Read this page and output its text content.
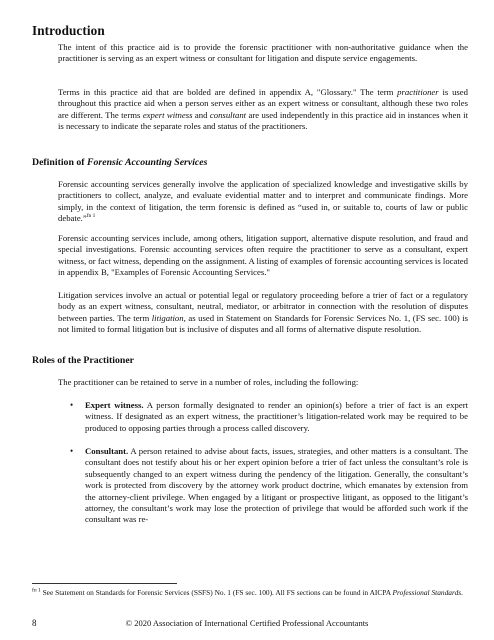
Introduction

The intent of this practice aid is to provide the forensic practitioner with non-authoritative guidance when the practitioner is serving as an expert witness or consultant for litigation and dispute service engagements.

Terms in this practice aid that are bolded are defined in appendix A, "Glossary." The term practitioner is used throughout this practice aid when a person serves either as an expert witness or consultant, although these two roles are different. The terms expert witness and consultant are used independently in this practice aid in instances when it is necessary to indicate the separate roles and status of the practitioners.

Definition of Forensic Accounting Services

Forensic accounting services generally involve the application of specialized knowledge and investigative skills by practitioners to collect, analyze, and evaluate evidential matter and to interpret and communicate findings. More simply, in the context of litigation, the term forensic is defined as “used in, or suitable to, courts of law or public debate.”$^{fn 1}$

Forensic accounting services include, among others, litigation support, alternative dispute resolution, and fraud and special investigations. Forensic accounting services often require the practitioner to serve as a consultant, expert witness, or fact witness, depending on the assignment. A listing of examples of forensic accounting services is located in appendix B, "Examples of Forensic Accounting Services."

Litigation services involve an actual or potential legal or regulatory proceeding before a trier of fact or a regulatory body as an expert witness, consultant, neutral, mediator, or arbitrator in connection with the resolution of disputes between parties. The term litigation, as used in Statement on Standards for Forensic Services No. 1, (FS sec. 100) is not limited to formal litigation but is inclusive of disputes and all forms of alternative dispute resolution.

Roles of the Practitioner

The practitioner can be retained to serve in a number of roles, including the following:

• Expert witness. A person formally designated to render an opinion(s) before a trier of fact is an expert witness. If designated as an expert witness, the practitioner’s litigation-related work may be required to be produced to opposing parties through a process called discovery.

• Consultant. A person retained to advise about facts, issues, strategies, and other matters is a consultant. The consultant does not testify about his or her expert opinion before a trier of fact unless the consultant’s role is subsequently changed to an expert witness during the pendency of the litigation. Generally, the consultant’s work is protected from discovery by the attorney work product doctrine, which emanates by extension from the attorney-client privilege. When engaged by a litigant or prospective litigant, as opposed to the litigant’s attorney, the consultant’s work may lose the protection of privilege that would be afforded such work if the consultant was re-

$^{fn 1}$ See Statement on Standards for Forensic Services (SSFS) No. 1 (FS sec. 100). All FS sections can be found in AICPA Professional Standards.

8	© 2020 Association of International Certified Professional Accountants
